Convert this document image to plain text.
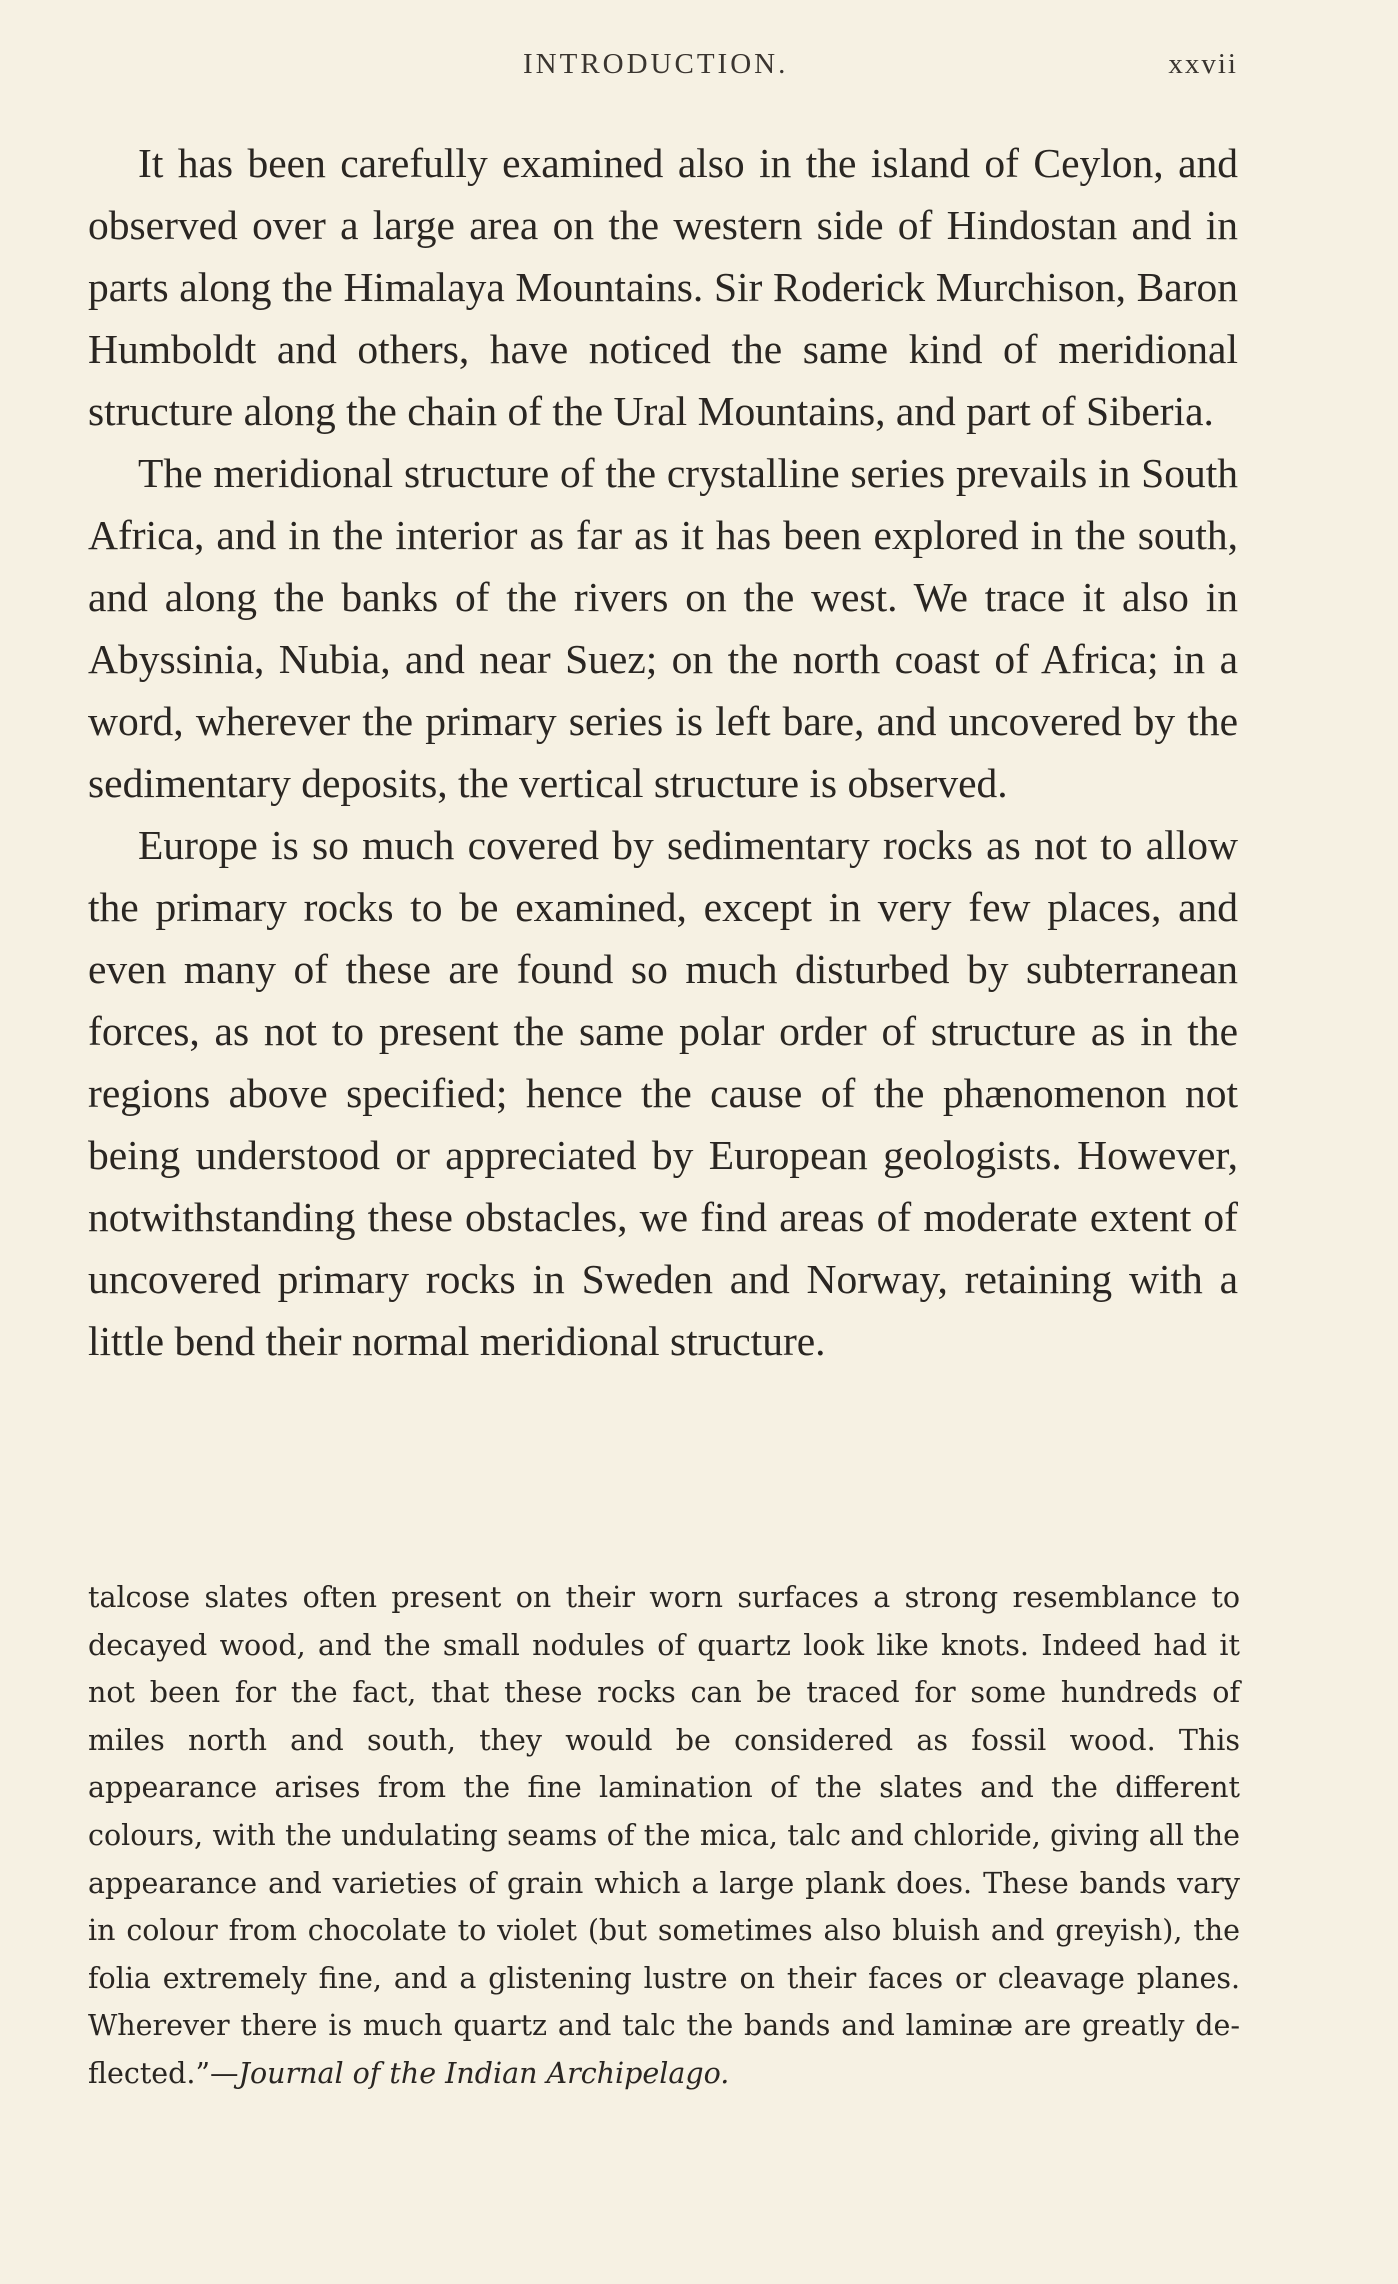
INTRODUCTION.	xxvii

It has been carefully examined also in the island of Ceylon, and observed over a large area on the western side of Hindostan and in parts along the Himalaya Mountains. Sir Roderick Murchison, Baron Humboldt and others, have noticed the same kind of meridional structure along the chain of the Ural Mountains, and part of Siberia.

The meridional structure of the crystalline series prevails in South Africa, and in the interior as far as it has been explored in the south, and along the banks of the rivers on the west. We trace it also in Abyssinia, Nubia, and near Suez; on the north coast of Africa; in a word, wherever the primary series is left bare, and uncovered by the sedimentary deposits, the vertical structure is observed.

Europe is so much covered by sedimentary rocks as not to allow the primary rocks to be examined, except in very few places, and even many of these are found so much disturbed by subterranean forces, as not to present the same polar order of structure as in the regions above specified; hence the cause of the phænomenon not being understood or appreciated by European geologists. However, notwithstanding these obstacles, we find areas of moderate extent of uncovered primary rocks in Sweden and Norway, retaining with a little bend their normal meridional structure.

talcose slates often present on their worn surfaces a strong resemblance to decayed wood, and the small nodules of quartz look like knots. Indeed had it not been for the fact, that these rocks can be traced for some hundreds of miles north and south, they would be considered as fossil wood. This appearance arises from the fine lamination of the slates and the different colours, with the undulating seams of the mica, talc and chloride, giving all the appearance and varieties of grain which a large plank does. These bands vary in colour from chocolate to violet (but sometimes also bluish and greyish), the folia extremely fine, and a glistening lustre on their faces or cleavage planes. Wherever there is much quartz and talc the bands and laminæ are greatly deflected.”—Journal of the Indian Archipelago.
